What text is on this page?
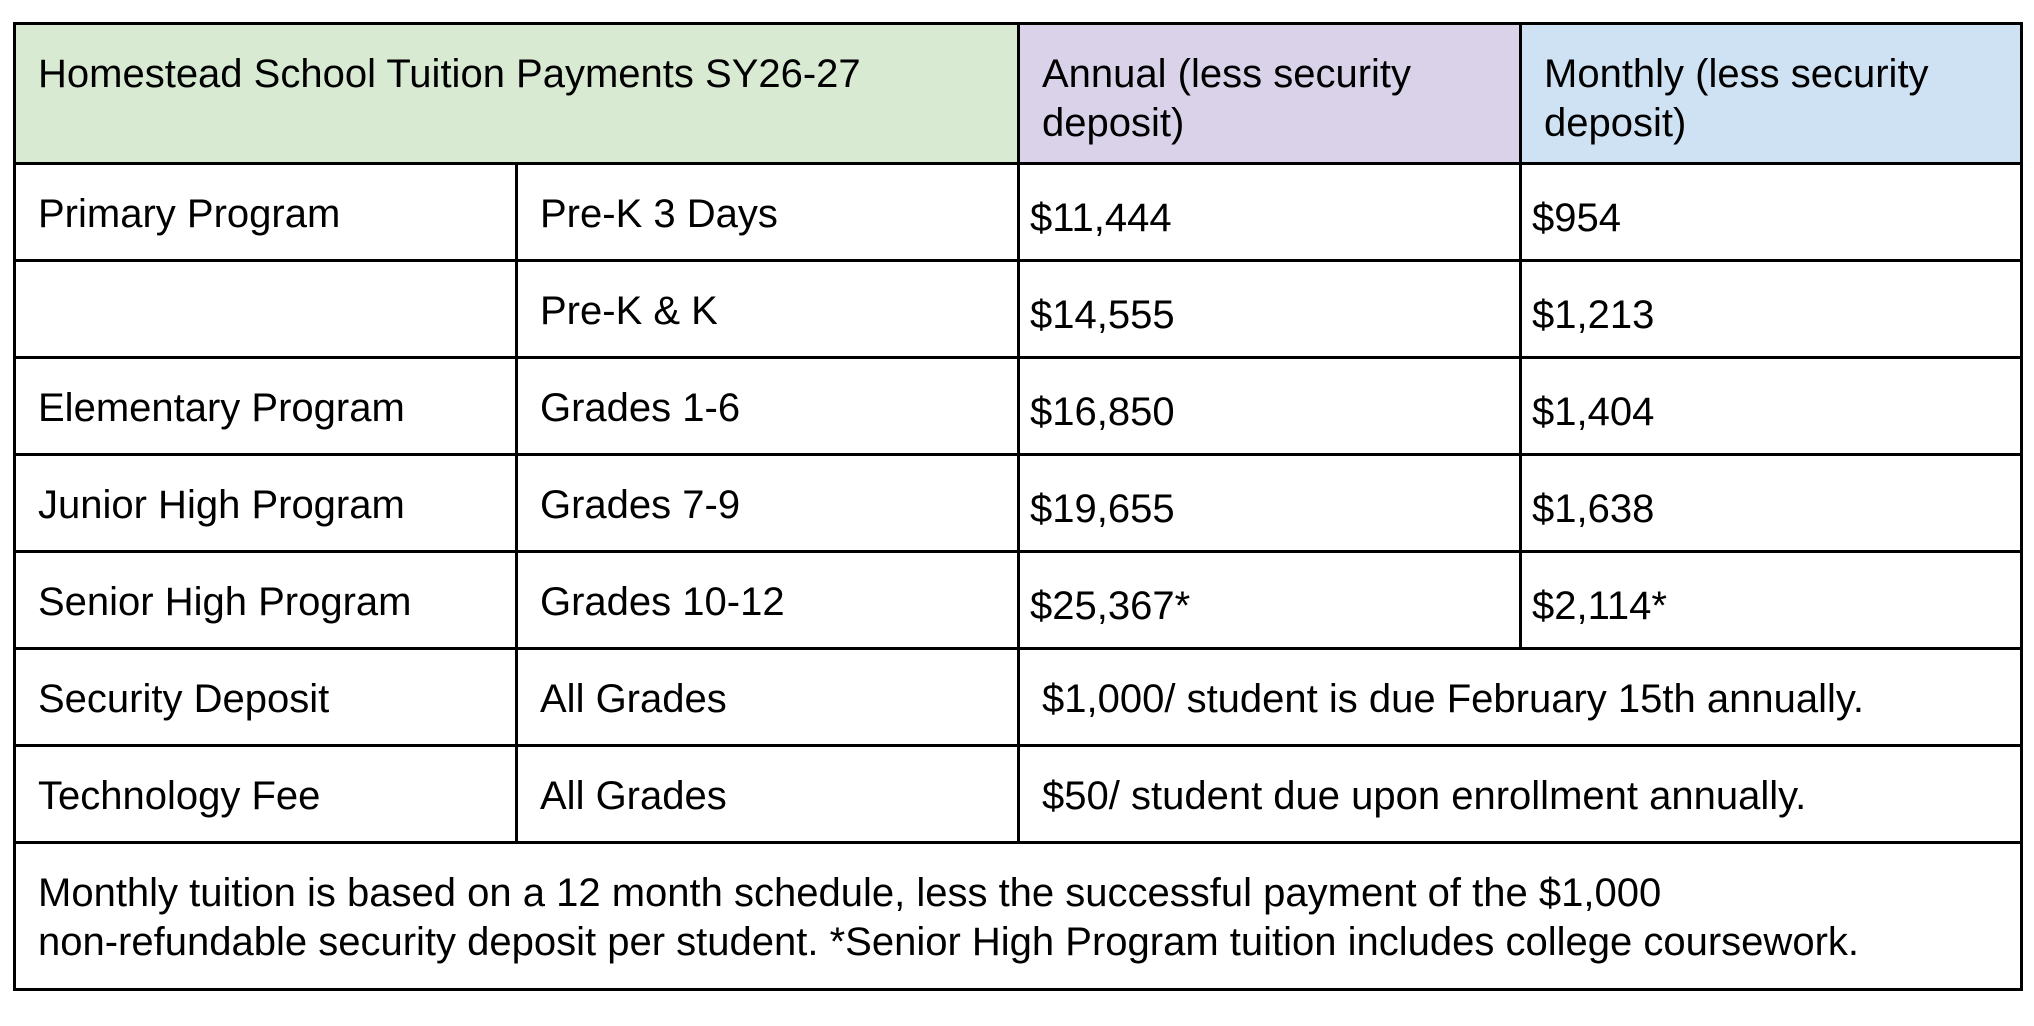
Homestead School Tuition Payments SY26-27		Annual (less security deposit)	Monthly (less security deposit)
Primary Program	Pre-K 3 Days	$11,444	$954
	Pre-K & K	$14,555	$1,213
Elementary Program	Grades 1-6	$16,850	$1,404
Junior High Program	Grades 7-9	$19,655	$1,638
Senior High Program	Grades 10-12	$25,367*	$2,114*
Security Deposit	All Grades	$1,000/ student is due February 15th annually.	
Technology Fee	All Grades	$50/ student due upon enrollment annually.	

Monthly tuition is based on a 12 month schedule, less the successful payment of the $1,000
non-refundable security deposit per student. *Senior High Program tuition includes college coursework.			
